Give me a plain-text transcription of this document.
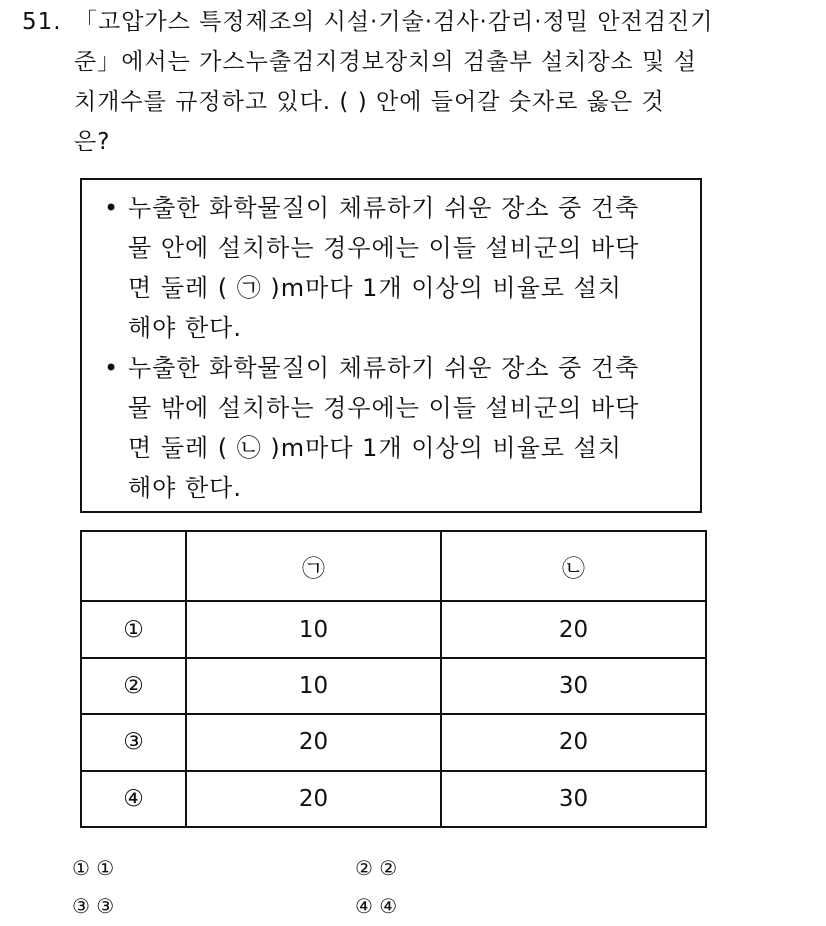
51. 「고압가스 특정제조의 시설·기술·검사·감리·정밀 안전검진기
준」에서는 가스누출검지경보장치의 검출부 설치장소 및 설
치개수를 규정하고 있다. ( ) 안에 들어갈 숫자로 옳은 것
은?
• 누출한 화학물질이 체류하기 쉬운 장소 중 건축
물 안에 설치하는 경우에는 이들 설비군의 바닥
면 둘레 ( ㉠ )m마다 1개 이상의 비율로 설치
해야 한다.
• 누출한 화학물질이 체류하기 쉬운 장소 중 건축
물 밖에 설치하는 경우에는 이들 설비군의 바닥
면 둘레 ( ㉡ )m마다 1개 이상의 비율로 설치
해야 한다.
	㉠	㉡
①	10	20
②	10	30
③	20	20
④	20	30
① ①	② ②
③ ③	④ ④
